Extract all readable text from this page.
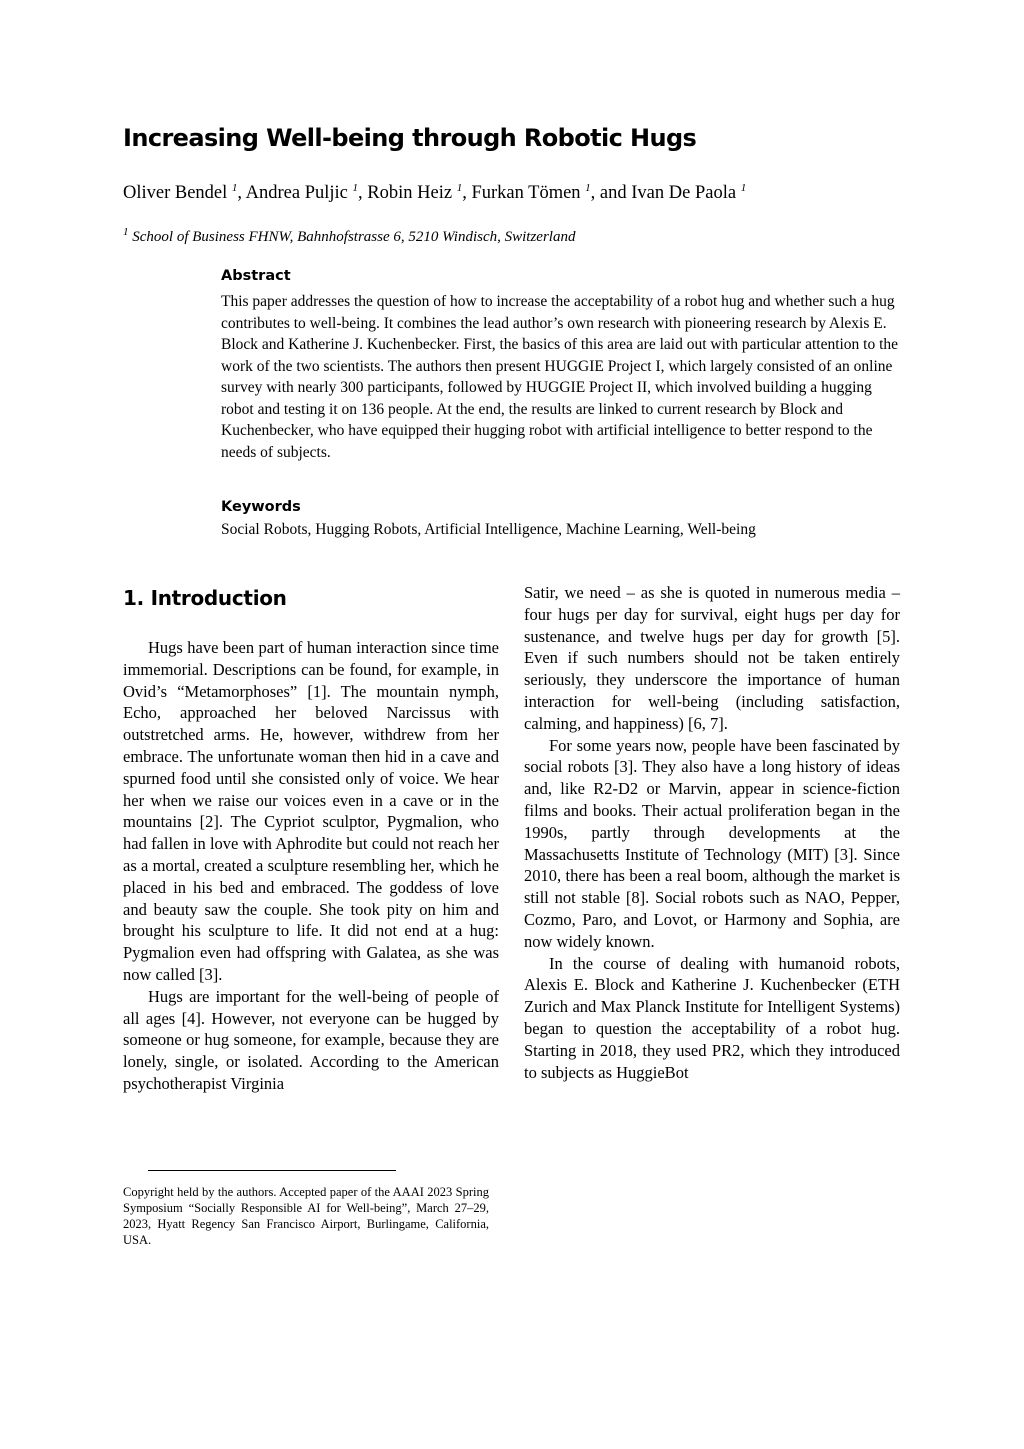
Increasing Well-being through Robotic Hugs

Oliver Bendel $^1$, Andrea Puljic $^1$, Robin Heiz $^1$, Furkan Tömen $^1$, and Ivan De Paola $^1$

$^1$ School of Business FHNW, Bahnhofstrasse 6, 5210 Windisch, Switzerland

Abstract

This paper addresses the question of how to increase the acceptability of a robot hug and whether such a hug contributes to well-being. It combines the lead author’s own research with pioneering research by Alexis E. Block and Katherine J. Kuchenbecker. First, the basics of this area are laid out with particular attention to the work of the two scientists. The authors then present HUGGIE Project I, which largely consisted of an online survey with nearly 300 participants, followed by HUGGIE Project II, which involved building a hugging robot and testing it on 136 people. At the end, the results are linked to current research by Block and Kuchenbecker, who have equipped their hugging robot with artificial intelligence to better respond to the needs of subjects.

Keywords

Social Robots, Hugging Robots, Artificial Intelligence, Machine Learning, Well-being

1. Introduction

Hugs have been part of human interaction since time immemorial. Descriptions can be found, for example, in Ovid’s “Metamorphoses” [1]. The mountain nymph, Echo, approached her beloved Narcissus with outstretched arms. He, however, withdrew from her embrace. The unfortunate woman then hid in a cave and spurned food until she consisted only of voice. We hear her when we raise our voices even in a cave or in the mountains [2]. The Cypriot sculptor, Pygmalion, who had fallen in love with Aphrodite but could not reach her as a mortal, created a sculpture resembling her, which he placed in his bed and embraced. The goddess of love and beauty saw the couple. She took pity on him and brought his sculpture to life. It did not end at a hug: Pygmalion even had offspring with Galatea, as she was now called [3].

Hugs are important for the well-being of people of all ages [4]. However, not everyone can be hugged by someone or hug someone, for example, because they are lonely, single, or isolated. According to the American psychotherapist Virginia

Satir, we need – as she is quoted in numerous media – four hugs per day for survival, eight hugs per day for sustenance, and twelve hugs per day for growth [5]. Even if such numbers should not be taken entirely seriously, they underscore the importance of human interaction for well-being (including satisfaction, calming, and happiness) [6, 7].

For some years now, people have been fascinated by social robots [3]. They also have a long history of ideas and, like R2-D2 or Marvin, appear in science-fiction films and books. Their actual proliferation began in the 1990s, partly through developments at the Massachusetts Institute of Technology (MIT) [3]. Since 2010, there has been a real boom, although the market is still not stable [8]. Social robots such as NAO, Pepper, Cozmo, Paro, and Lovot, or Harmony and Sophia, are now widely known.

In the course of dealing with humanoid robots, Alexis E. Block and Katherine J. Kuchenbecker (ETH Zurich and Max Planck Institute for Intelligent Systems) began to question the acceptability of a robot hug. Starting in 2018, they used PR2, which they introduced to subjects as HuggieBot

Copyright held by the authors. Accepted paper of the AAAI 2023 Spring Symposium “Socially Responsible AI for Well-being”, March 27–29, 2023, Hyatt Regency San Francisco Airport, Burlingame, California, USA.
